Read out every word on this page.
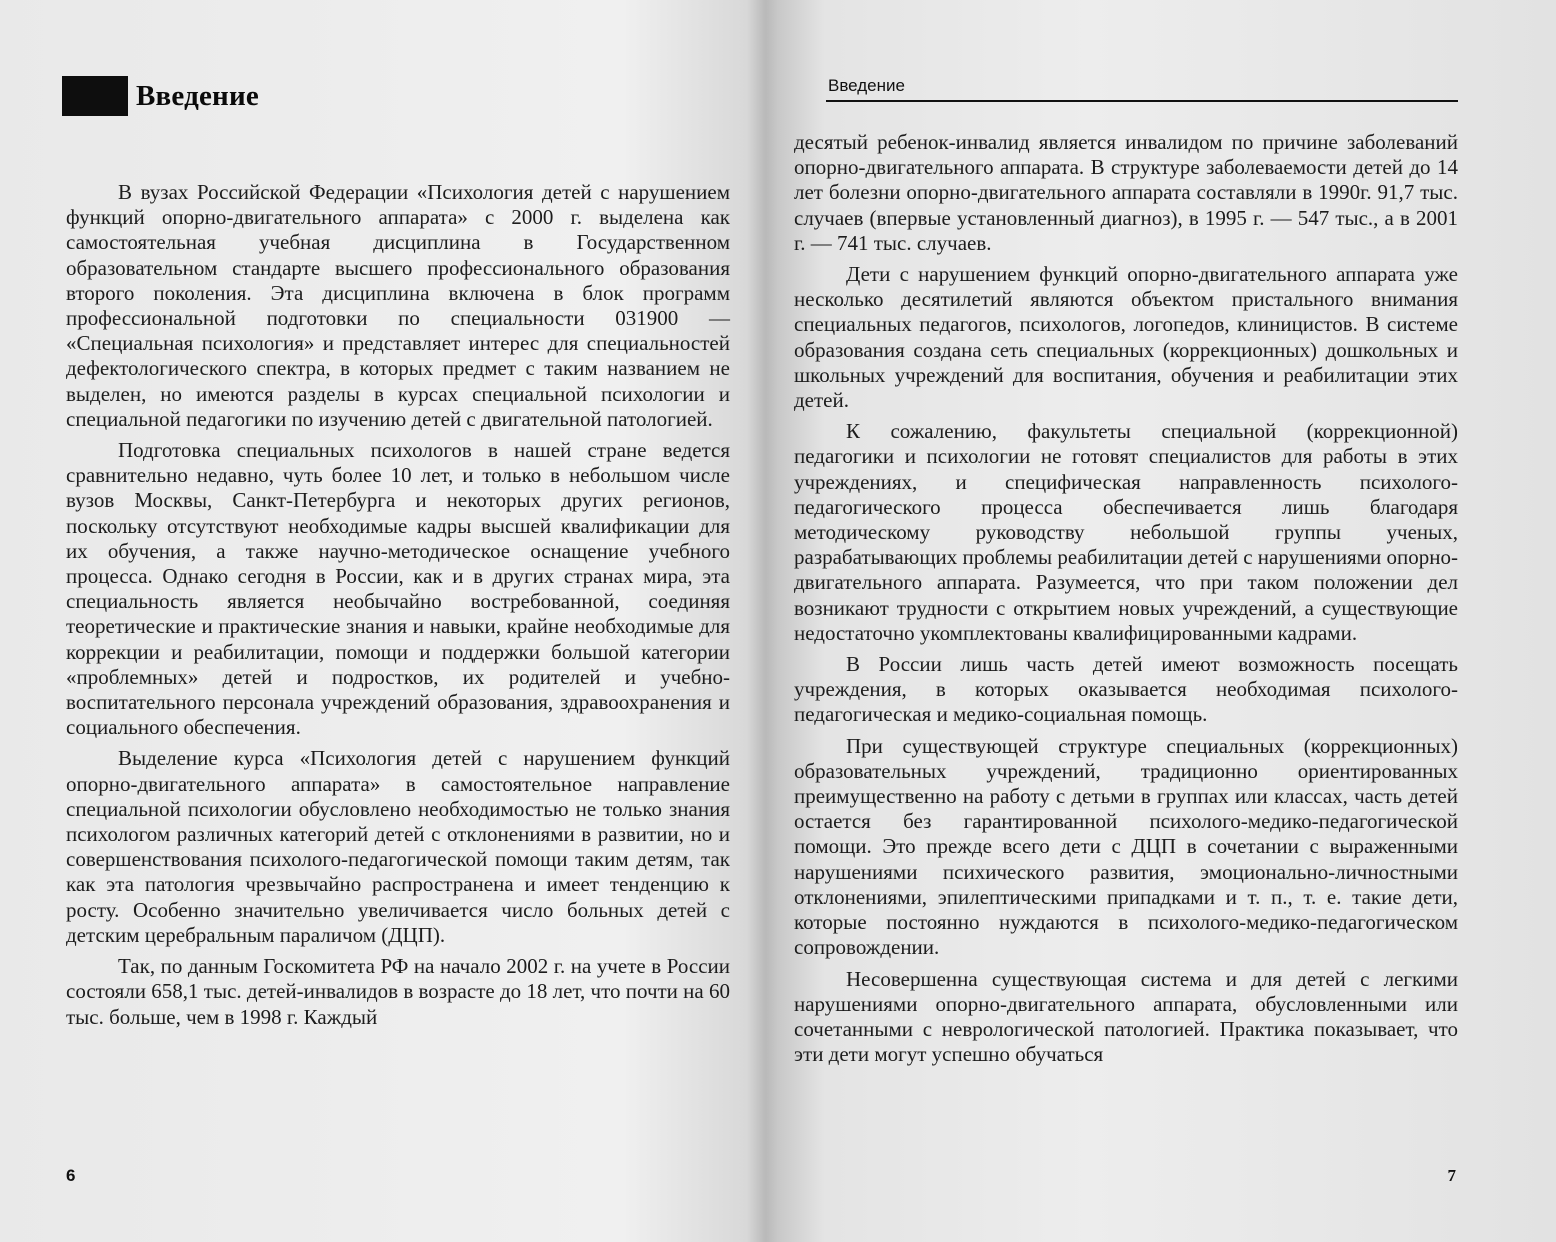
Введение

В вузах Российской Федерации «Психология детей с нарушением функций опорно-двигательного аппарата» с 2000 г. выделена как самостоятельная учебная дисциплина в Государственном образовательном стандарте высшего профессионального образования второго поколения. Эта дисциплина включена в блок программ профессиональной подготовки по специальности 031900 — «Специальная психология» и представляет интерес для специальностей дефектологического спектра, в которых предмет с таким названием не выделен, но имеются разделы в курсах специальной психологии и специальной педагогики по изучению детей с двигательной патологией.

Подготовка специальных психологов в нашей стране ведется сравнительно недавно, чуть более 10 лет, и только в небольшом числе вузов Москвы, Санкт-Петербурга и некоторых других регионов, поскольку отсутствуют необходимые кадры высшей квалификации для их обучения, а также научно-методическое оснащение учебного процесса. Однако сегодня в России, как и в других странах мира, эта специальность является необычайно востребованной, соединяя теоретические и практические знания и навыки, крайне необходимые для коррекции и реабилитации, помощи и поддержки большой категории «проблемных» детей и подростков, их родителей и учебно-воспитательного персонала учреждений образования, здравоохранения и социального обеспечения.

Выделение курса «Психология детей с нарушением функций опорно-двигательного аппарата» в самостоятельное направление специальной психологии обусловлено необходимостью не только знания психологом различных категорий детей с отклонениями в развитии, но и совершенствования психолого-педагогической помощи таким детям, так как эта патология чрезвычайно распространена и имеет тенденцию к росту. Особенно значительно увеличивается число больных детей с детским церебральным параличом (ДЦП).

Так, по данным Госкомитета РФ на начало 2002 г. на учете в России состояли 658,1 тыс. детей-инвалидов в возрасте до 18 лет, что почти на 60 тыс. больше, чем в 1998 г. Каждый

6
Введение

десятый ребенок-инвалид является инвалидом по причине заболеваний опорно-двигательного аппарата. В структуре заболеваемости детей до 14 лет болезни опорно-двигательного аппарата составляли в 1990г. 91,7 тыс. случаев (впервые установленный диагноз), в 1995 г. — 547 тыс., а в 2001 г. — 741 тыс. случаев.

Дети с нарушением функций опорно-двигательного аппарата уже несколько десятилетий являются объектом пристального внимания специальных педагогов, психологов, логопедов, клиницистов. В системе образования создана сеть специальных (коррекционных) дошкольных и школьных учреждений для воспитания, обучения и реабилитации этих детей.

К сожалению, факультеты специальной (коррекционной) педагогики и психологии не готовят специалистов для работы в этих учреждениях, и специфическая направленность психолого-педагогического процесса обеспечивается лишь благодаря методическому руководству небольшой группы ученых, разрабатывающих проблемы реабилитации детей с нарушениями опорно-двигательного аппарата. Разумеется, что при таком положении дел возникают трудности с открытием новых учреждений, а существующие недостаточно укомплектованы квалифицированными кадрами.

В России лишь часть детей имеют возможность посещать учреждения, в которых оказывается необходимая психолого-педагогическая и медико-социальная помощь.

При существующей структуре специальных (коррекционных) образовательных учреждений, традиционно ориентированных преимущественно на работу с детьми в группах или классах, часть детей остается без гарантированной психолого-медико-педагогической помощи. Это прежде всего дети с ДЦП в сочетании с выраженными нарушениями психического развития, эмоционально-личностными отклонениями, эпилептическими припадками и т. п., т. е. такие дети, которые постоянно нуждаются в психолого-медико-педагогическом сопровождении.

Несовершенна существующая система и для детей с легкими нарушениями опорно-двигательного аппарата, обусловленными или сочетанными с неврологической патологией. Практика показывает, что эти дети могут успешно обучаться

7
